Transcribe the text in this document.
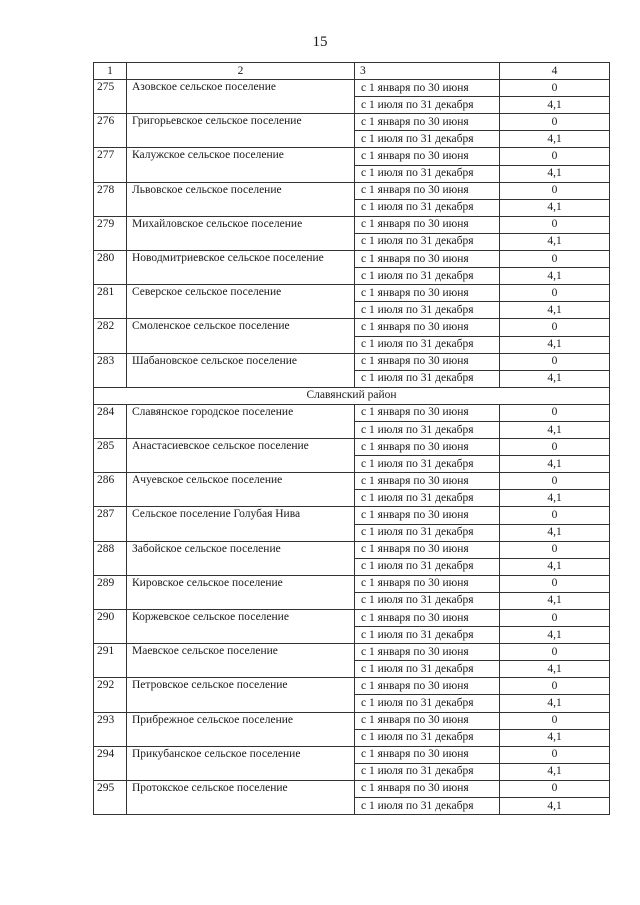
15
1	2	3	4
275	Азовское сельское поселение	с 1 января по 30 июня	0
		с 1 июля по 31 декабря	4,1
276	Григорьевское сельское поселение	с 1 января по 30 июня	0
		с 1 июля по 31 декабря	4,1
277	Калужское сельское поселение	с 1 января по 30 июня	0
		с 1 июля по 31 декабря	4,1
278	Львовское сельское поселение	с 1 января по 30 июня	0
		с 1 июля по 31 декабря	4,1
279	Михайловское сельское поселение	с 1 января по 30 июня	0
		с 1 июля по 31 декабря	4,1
280	Новодмитриевское сельское поселение	с 1 января по 30 июня	0
		с 1 июля по 31 декабря	4,1
281	Северское сельское поселение	с 1 января по 30 июня	0
		с 1 июля по 31 декабря	4,1
282	Смоленское сельское поселение	с 1 января по 30 июня	0
		с 1 июля по 31 декабря	4,1
283	Шабановское сельское поселение	с 1 января по 30 июня	0
		с 1 июля по 31 декабря	4,1
Славянский район			
284	Славянское городское поселение	с 1 января по 30 июня	0
		с 1 июля по 31 декабря	4,1
285	Анастасиевское сельское поселение	с 1 января по 30 июня	0
		с 1 июля по 31 декабря	4,1
286	Ачуевское сельское поселение	с 1 января по 30 июня	0
		с 1 июля по 31 декабря	4,1
287	Сельское поселение Голубая Нива	с 1 января по 30 июня	0
		с 1 июля по 31 декабря	4,1
288	Забойское сельское поселение	с 1 января по 30 июня	0
		с 1 июля по 31 декабря	4,1
289	Кировское сельское поселение	с 1 января по 30 июня	0
		с 1 июля по 31 декабря	4,1
290	Коржевское сельское поселение	с 1 января по 30 июня	0
		с 1 июля по 31 декабря	4,1
291	Маевское сельское поселение	с 1 января по 30 июня	0
		с 1 июля по 31 декабря	4,1
292	Петровское сельское поселение	с 1 января по 30 июня	0
		с 1 июля по 31 декабря	4,1
293	Прибрежное сельское поселение	с 1 января по 30 июня	0
		с 1 июля по 31 декабря	4,1
294	Прикубанское сельское поселение	с 1 января по 30 июня	0
		с 1 июля по 31 декабря	4,1
295	Протокское сельское поселение	с 1 января по 30 июня	0
		с 1 июля по 31 декабря	4,1
